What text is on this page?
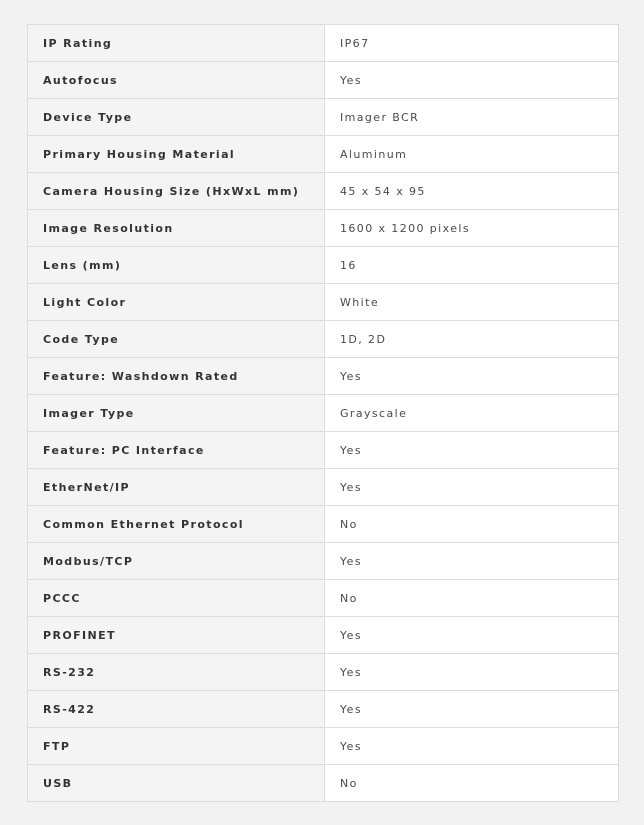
IP Rating	IP67
Autofocus	Yes
Device Type	Imager BCR
Primary Housing Material	Aluminum
Camera Housing Size (HxWxL mm)	45 x 54 x 95
Image Resolution	1600 x 1200 pixels
Lens (mm)	16
Light Color	White
Code Type	1D, 2D
Feature: Washdown Rated	Yes
Imager Type	Grayscale
Feature: PC Interface	Yes
EtherNet/IP	Yes
Common Ethernet Protocol	No
Modbus/TCP	Yes
PCCC	No
PROFINET	Yes
RS-232	Yes
RS-422	Yes
FTP	Yes
USB	No
